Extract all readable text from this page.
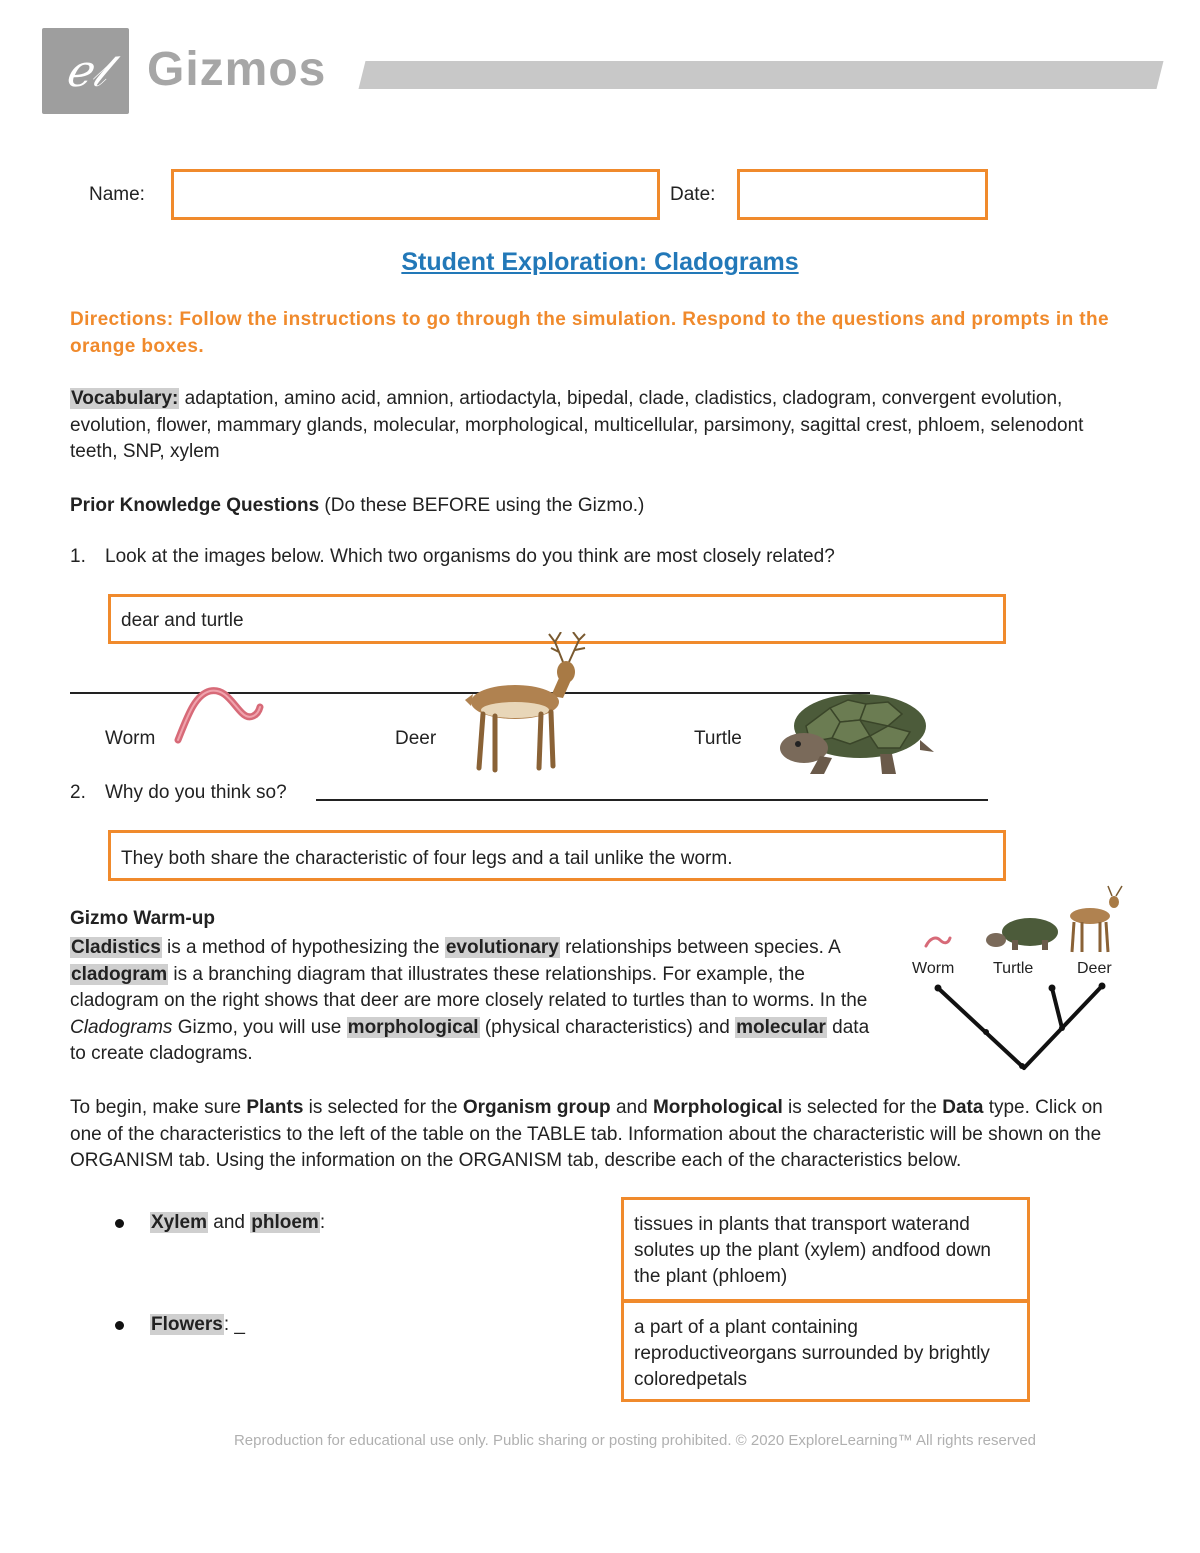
ℯ𝓁 Gizmos
Name:	Date:
Student Exploration: Cladograms
Directions: Follow the instructions to go through the simulation. Respond to the questions and prompts in the orange boxes.
Vocabulary: adaptation, amino acid, amnion, artiodactyla, bipedal, clade, cladistics, cladogram, convergent evolution, evolution, flower, mammary glands, molecular, morphological, multicellular, parsimony, sagittal crest, phloem, selenodont teeth, SNP, xylem
Prior Knowledge Questions (Do these BEFORE using the Gizmo.)
1. Look at the images below. Which two organisms do you think are most closely related?
dear and turtle
Worm	Deer	Turtle
2. Why do you think so?
They both share the characteristic of four legs and a tail unlike the worm.
Gizmo Warm-up
Cladistics is a method of hypothesizing the evolutionary relationships between species. A cladogram is a branching diagram that illustrates these relationships. For example, the cladogram on the right shows that deer are more closely related to turtles than to worms. In the Cladograms Gizmo, you will use morphological (physical characteristics) and molecular data to create cladograms.
Worm Turtle	Deer
To begin, make sure Plants is selected for the Organism group and Morphological is selected for the Data type. Click on one of the characteristics to the left of the table on the TABLE tab. Information about the characteristic will be shown on the ORGANISM tab. Using the information on the ORGANISM tab, describe each of the characteristics below.
Xylem and phloem:	tissues in plants that transport waterand solutes up the plant (xylem) andfood down the plant (phloem)
Flowers: _	a part of a plant containing reproductiveorgans surrounded by brightly coloredpetals
Reproduction for educational use only. Public sharing or posting prohibited. © 2020 ExploreLearning™ All rights reserved
